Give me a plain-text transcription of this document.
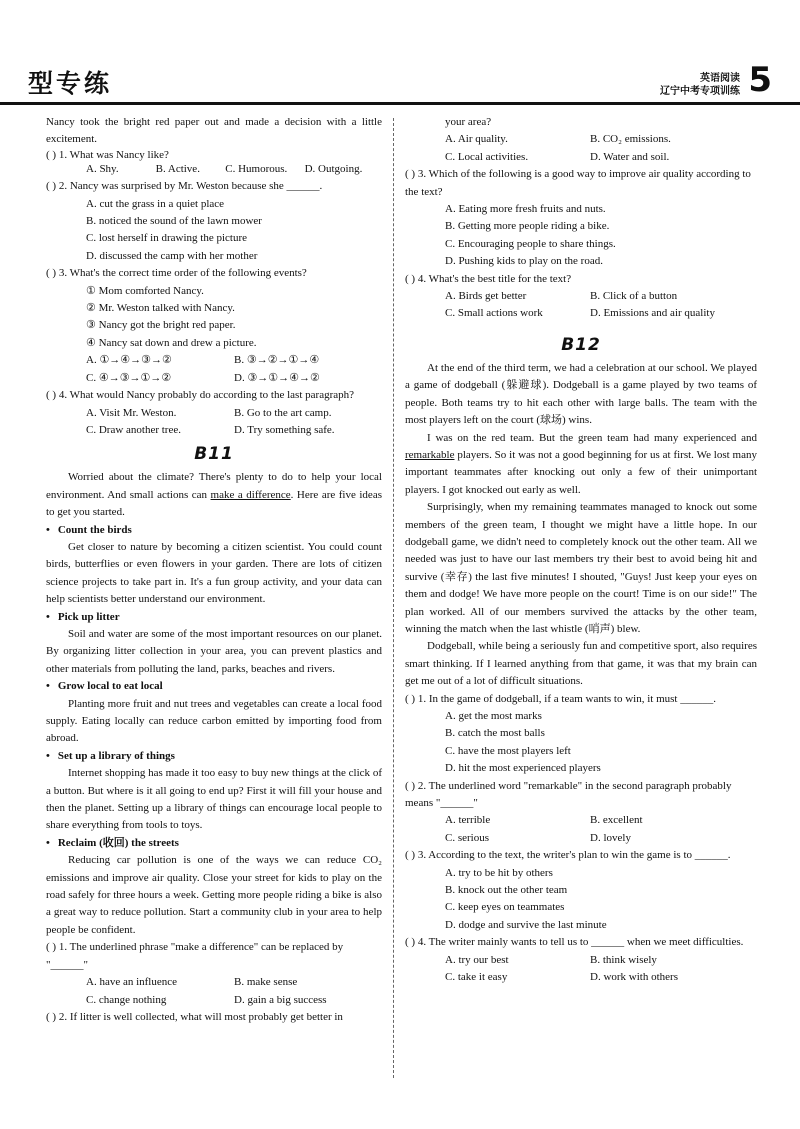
型专练	英语阅读
辽宁中考专项训练 5

Nancy took the bright red paper out and made a decision with a little excitement.

( ) 1. What was Nancy like?
A. Shy.	B. Active.	C. Humorous.	D. Outgoing.

( ) 2. Nancy was surprised by Mr. Weston because she ______.

A. cut the grass in a quiet place
B. noticed the sound of the lawn mower
C. lost herself in drawing the picture
D. discussed the camp with her mother

( ) 3. What's the correct time order of the following events?

① Mom comforted Nancy.
② Mr. Weston talked with Nancy.
③ Nancy got the bright red paper.
④ Nancy sat down and drew a picture.
A. ①→④→③→②	B. ③→②→①→④
C. ④→③→①→②	D. ③→①→④→②

( ) 4. What would Nancy probably do according to the last paragraph?

A. Visit Mr. Weston.	B. Go to the art camp.
C. Draw another tree.	D. Try something safe.
B11

Worried about the climate? There's plenty to do to help your local environment. And small actions can make a difference. Here are five ideas to get you started.

• Count the birds

Get closer to nature by becoming a citizen scientist. You could count birds, butterflies or even flowers in your garden. There are lots of citizen science projects to take part in. It's a fun group activity, and your data can help scientists better understand our environment.

• Pick up litter

Soil and water are some of the most important resources on our planet. By organizing litter collection in your area, you can prevent plastics and other materials from polluting the land, parks, beaches and rivers.

• Grow local to eat local

Planting more fruit and nut trees and vegetables can create a local food supply. Eating locally can reduce carbon emitted by importing food from abroad.

• Set up a library of things

Internet shopping has made it too easy to buy new things at the click of a button. But where is it all going to end up? First it will fill your house and then the planet. Setting up a library of things can encourage local people to share everything from tools to toys.

• Reclaim (收回) the streets

Reducing car pollution is one of the ways we can reduce CO₂ emissions and improve air quality. Close your street for kids to play on the road safely for three hours a week. Getting more people riding a bike is also a great way to reduce pollution. Start a community club in your area to help people be confident.

( ) 1. The underlined phrase "make a difference" can be replaced by "______"

A. have an influence	B. make sense
C. change nothing	D. gain a big success

( ) 2. If litter is well collected, what will most probably get better in

your area?
A. Air quality.	B. CO₂ emissions.
C. Local activities.	D. Water and soil.

( ) 3. Which of the following is a good way to improve air quality according to the text?

A. Eating more fresh fruits and nuts.
B. Getting more people riding a bike.
C. Encouraging people to share things.
D. Pushing kids to play on the road.

( ) 4. What's the best title for the text?

A. Birds get better	B. Click of a button
C. Small actions work	D. Emissions and air quality
B12

At the end of the third term, we had a celebration at our school. We played a game of dodgeball (躲避球). Dodgeball is a game played by two teams of people. Both teams try to hit each other with large balls. The team with the most players left on the court (球场) wins.

I was on the red team. But the green team had many experienced and remarkable players. So it was not a good beginning for us at first. We lost many important teammates after knocking out only a few of their unimportant players. I got knocked out early as well.

Surprisingly, when my remaining teammates managed to knock out some members of the green team, I thought we might have a little hope. In our dodgeball game, we didn't need to completely knock out the other team. All we needed was just to have our last members try their best to avoid being hit and survive (幸存) the last five minutes! I shouted, "Guys! Just keep your eyes on them and dodge! We have more people on the court! Time is on our side!" The plan worked. All of our members survived the attacks by the other team, winning the match when the last whistle (哨声) blew.

Dodgeball, while being a seriously fun and competitive sport, also requires smart thinking. If I learned anything from that game, it was that my brain can get me out of a lot of difficult situations.

( ) 1. In the game of dodgeball, if a team wants to win, it must ______.

A. get the most marks
B. catch the most balls
C. have the most players left
D. hit the most experienced players

( ) 2. The underlined word "remarkable" in the second paragraph probably means "______"

A. terrible	B. excellent
C. serious	D. lovely

( ) 3. According to the text, the writer's plan to win the game is to ______.

A. try to be hit by others
B. knock out the other team
C. keep eyes on teammates
D. dodge and survive the last minute

( ) 4. The writer mainly wants to tell us to ______ when we meet difficulties.

A. try our best	B. think wisely
C. take it easy	D. work with others
